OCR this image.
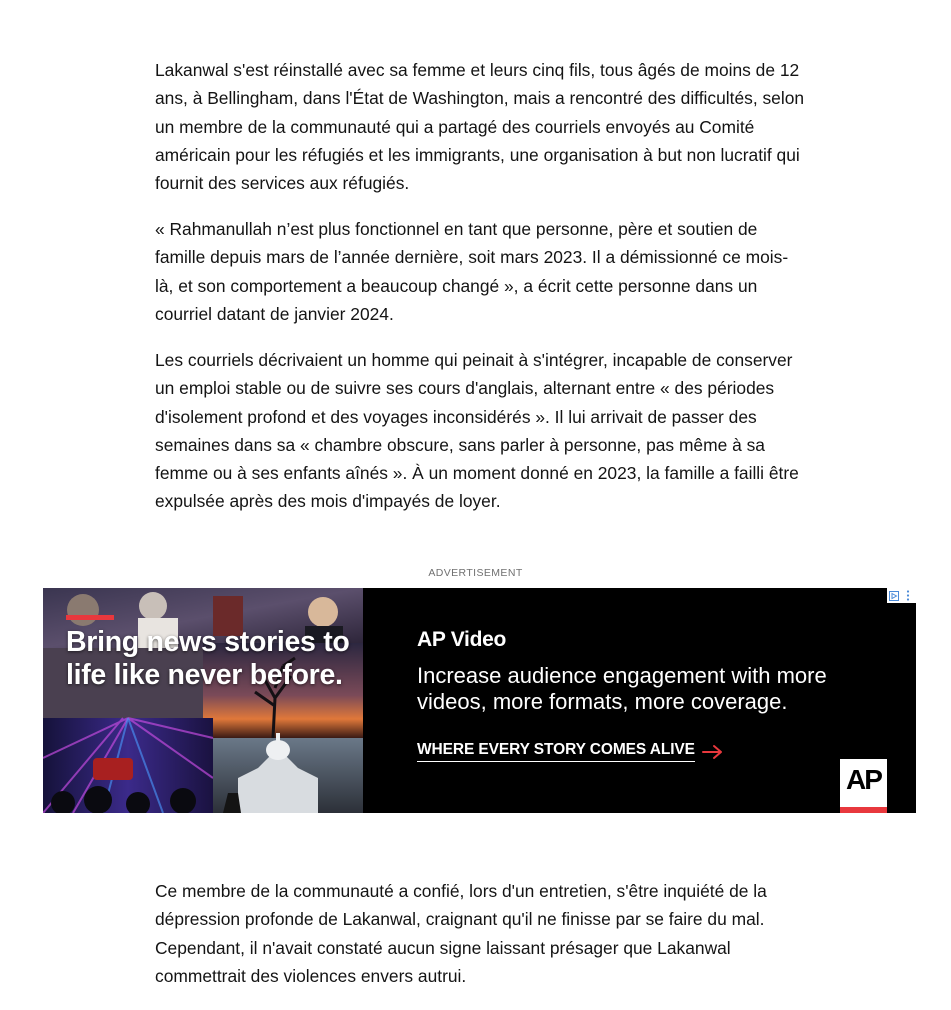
Lakanwal s'est réinstallé avec sa femme et leurs cinq fils, tous âgés de moins de 12 ans, à Bellingham, dans l'État de Washington, mais a rencontré des difficultés, selon un membre de la communauté qui a partagé des courriels envoyés au Comité américain pour les réfugiés et les immigrants, une organisation à but non lucratif qui fournit des services aux réfugiés.

« Rahmanullah n’est plus fonctionnel en tant que personne, père et soutien de famille depuis mars de l’année dernière, soit mars 2023. Il a démissionné ce mois-là, et son comportement a beaucoup changé », a écrit cette personne dans un courriel datant de janvier 2024.

Les courriels décrivaient un homme qui peinait à s'intégrer, incapable de conserver un emploi stable ou de suivre ses cours d'anglais, alternant entre « des périodes d'isolement profond et des voyages inconsidérés ». Il lui arrivait de passer des semaines dans sa « chambre obscure, sans parler à personne, pas même à sa femme ou à ses enfants aînés ». À un moment donné en 2023, la famille a failli être expulsée après des mois d'impayés de loyer.

ADVERTISEMENT
Bring news stories to life like never before.
AP Video

Increase audience engagement with more videos, more formats, more coverage.

WHERE EVERY STORY COMES ALIVE
AP

Ce membre de la communauté a confié, lors d'un entretien, s'être inquiété de la dépression profonde de Lakanwal, craignant qu'il ne finisse par se faire du mal. Cependant, il n'avait constaté aucun signe laissant présager que Lakanwal commettrait des violences envers autrui.
